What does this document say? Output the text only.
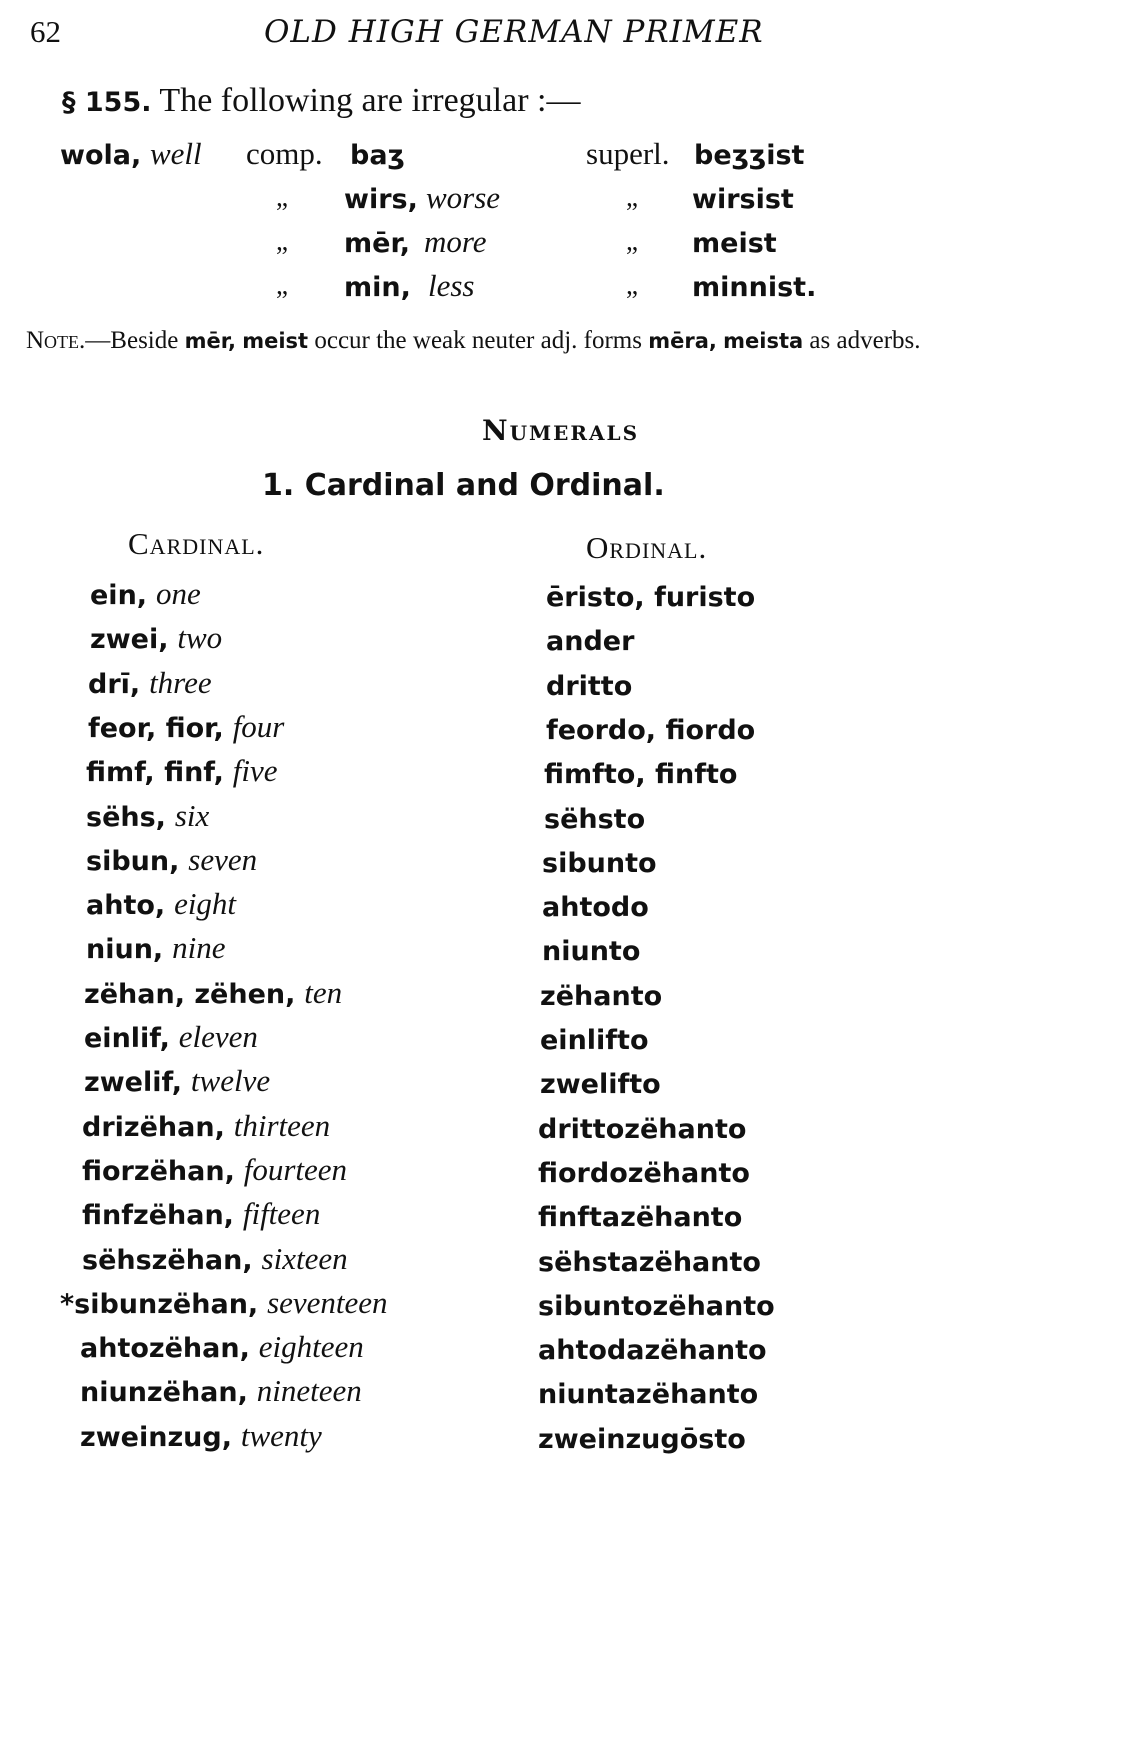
62	OLD HIGH GERMAN PRIMER
§ 155. The following are irregular :—
wola, well comp. baʒ	superl. beʒʒist
„ wirs, worse	„ wirsist
„ mēr, more	„ meist
„ min, less	„ minnist.
Note.—Beside mēr, meist occur the weak neuter adj. forms mēra, meista as adverbs.
Numerals
1. Cardinal and Ordinal.
Cardinal.	Ordinal.
ein, one	ēristo, furisto
zwei, two	ander
drī, three	dritto
feor, fior, four	feordo, fiordo
fimf, finf, five	fimfto, finfto
sëhs, six	sëhsto
sibun, seven	sibunto
ahto, eight	ahtodo
niun, nine	niunto
zëhan, zëhen, ten	zëhanto
einlif, eleven	einlifto
zwelif, twelve	zwelifto
drizëhan, thirteen	drittozëhanto
fiorzëhan, fourteen	fiordozëhanto
finfzëhan, fifteen	finftazëhanto
sëhszëhan, sixteen	sëhstazëhanto
*sibunzëhan, seventeen	sibuntozëhanto
ahtozëhan, eighteen	ahtodazëhanto
niunzëhan, nineteen	niuntazëhanto
zweinzug, twenty	zweinzugōsto
